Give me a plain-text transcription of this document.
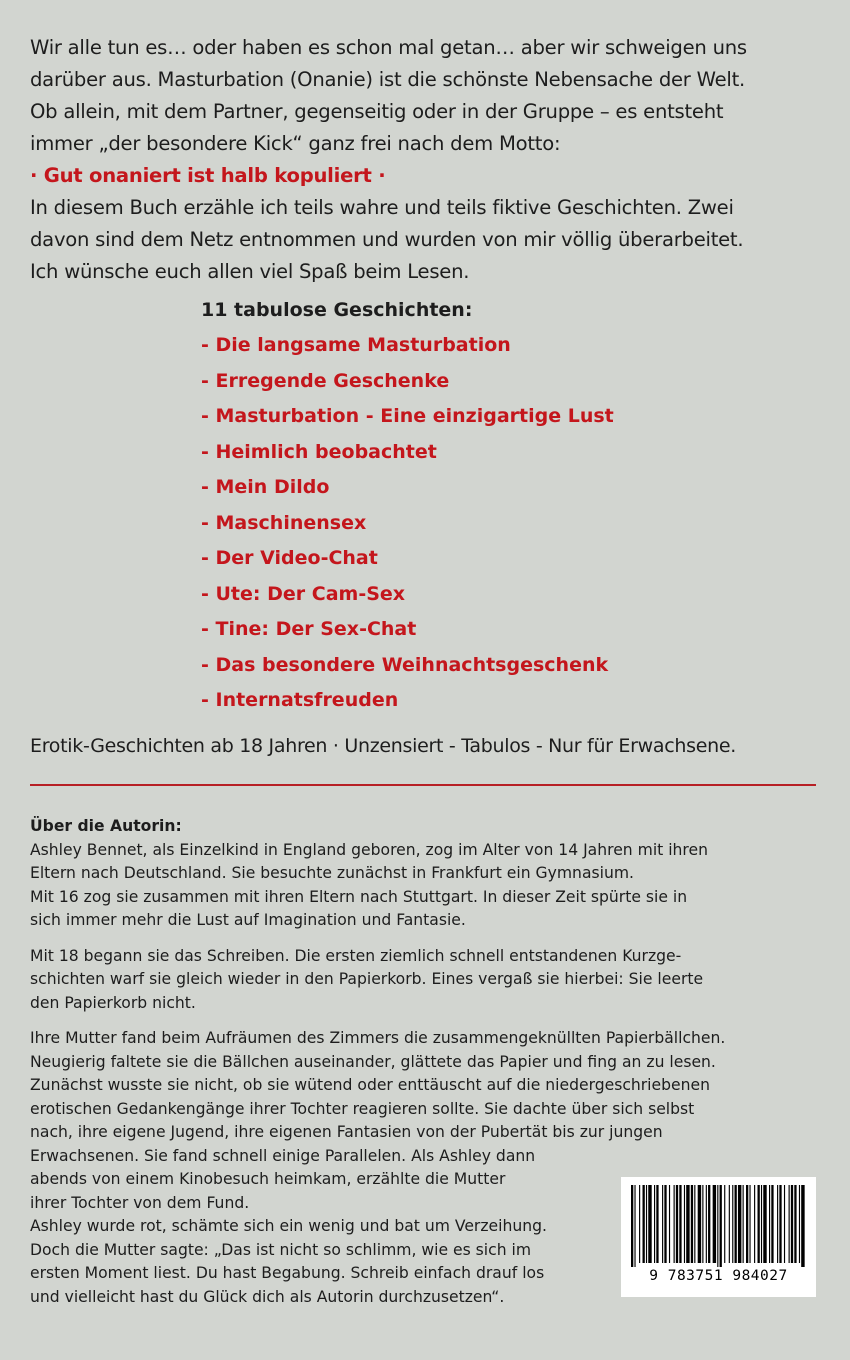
Wir alle tun es… oder haben es schon mal getan… aber wir schweigen uns

darüber aus. Masturbation (Onanie) ist die schönste Nebensache der Welt.

Ob allein, mit dem Partner, gegenseitig oder in der Gruppe – es entsteht

immer „der besondere Kick“ ganz frei nach dem Motto:

· Gut onaniert ist halb kopuliert ·

In diesem Buch erzähle ich teils wahre und teils fiktive Geschichten. Zwei

davon sind dem Netz entnommen und wurden von mir völlig überarbeitet.

Ich wünsche euch allen viel Spaß beim Lesen.

11 tabulose Geschichten:

- Die langsame Masturbation
- Erregende Geschenke
- Masturbation - Eine einzigartige Lust
- Heimlich beobachtet
- Mein Dildo
- Maschinensex
- Der Video-Chat
- Ute: Der Cam-Sex
- Tine: Der Sex-Chat
- Das besondere Weihnachtsgeschenk
- Internatsfreuden
Erotik-Geschichten ab 18 Jahren · Unzensiert - Tabulos - Nur für Erwachsene.

Über die Autorin:

Ashley Bennet, als Einzelkind in England geboren, zog im Alter von 14 Jahren mit ihren
Eltern nach Deutschland. Sie besuchte zunächst in Frankfurt ein Gymnasium.
Mit 16 zog sie zusammen mit ihren Eltern nach Stuttgart. In dieser Zeit spürte sie in
sich immer mehr die Lust auf Imagination und Fantasie.
Mit 18 begann sie das Schreiben. Die ersten ziemlich schnell entstandenen Kurzge-
schichten warf sie gleich wieder in den Papierkorb. Eines vergaß sie hierbei: Sie leerte
den Papierkorb nicht.
Ihre Mutter fand beim Aufräumen des Zimmers die zusammengeknüllten Papierbällchen.
Neugierig faltete sie die Bällchen auseinander, glättete das Papier und fing an zu lesen.
Zunächst wusste sie nicht, ob sie wütend oder enttäuscht auf die niedergeschriebenen
erotischen Gedankengänge ihrer Tochter reagieren sollte. Sie dachte über sich selbst
nach, ihre eigene Jugend, ihre eigenen Fantasien von der Pubertät bis zur jungen
Erwachsenen. Sie fand schnell einige Parallelen. Als Ashley dann
abends von einem Kinobesuch heimkam, erzählte die Mutter
ihrer Tochter von dem Fund.
Ashley wurde rot, schämte sich ein wenig und bat um Verzeihung.
Doch die Mutter sagte: „Das ist nicht so schlimm, wie es sich im
ersten Moment liest. Du hast Begabung. Schreib einfach drauf los
und vielleicht hast du Glück dich als Autorin durchzusetzen“.
9 783751 984027
